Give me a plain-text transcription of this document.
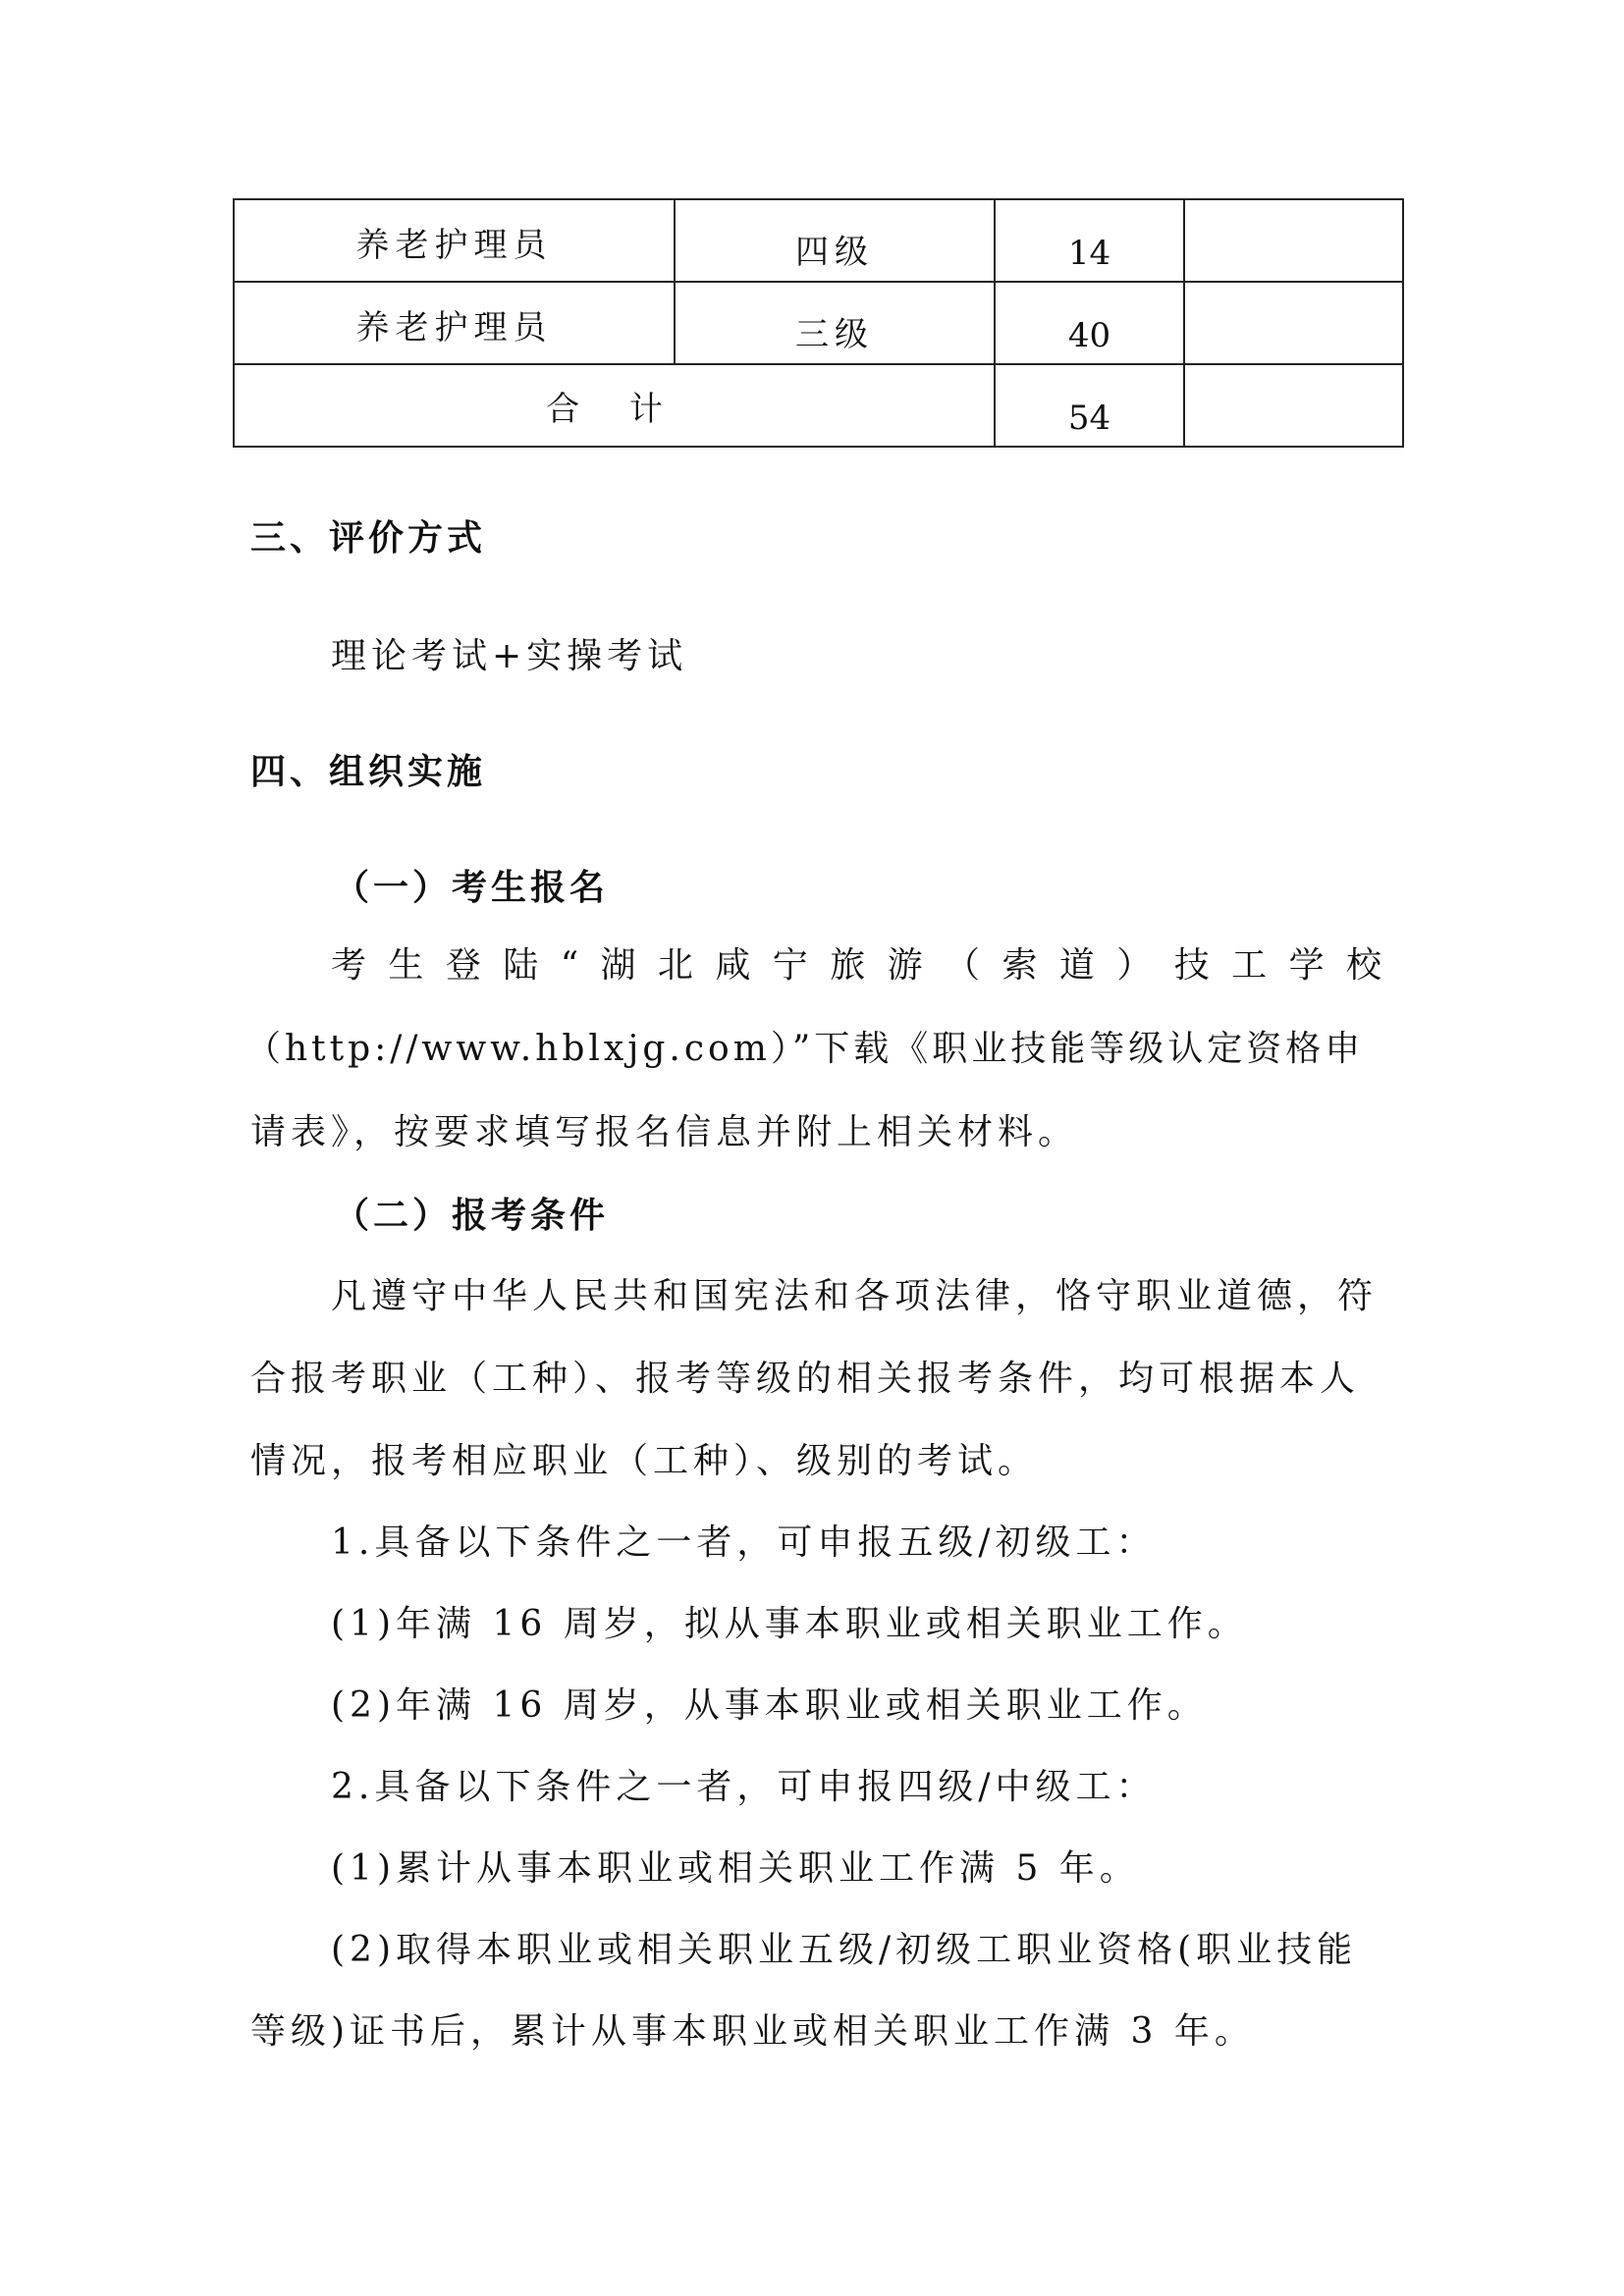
养老护理员	四级	14	
养老护理员	三级	40	
合 计		54	
三、评价方式
理论考试+实操考试
四、组织实施
（一）考生报名
考生登陆“湖北咸宁旅游（索道）技工学校
（http://www.hblxjg.com）”下载《职业技能等级认定资格申
请表》，按要求填写报名信息并附上相关材料。
（二）报考条件
凡遵守中华人民共和国宪法和各项法律，恪守职业道德，符
合报考职业（工种）、报考等级的相关报考条件，均可根据本人
情况，报考相应职业（工种）、级别的考试。
1.具备以下条件之一者，可申报五级/初级工：
(1)年满 16 周岁，拟从事本职业或相关职业工作。
(2)年满 16 周岁，从事本职业或相关职业工作。
2.具备以下条件之一者，可申报四级/中级工：
(1)累计从事本职业或相关职业工作满 5 年。
(2)取得本职业或相关职业五级/初级工职业资格(职业技能
等级)证书后，累计从事本职业或相关职业工作满 3 年。
